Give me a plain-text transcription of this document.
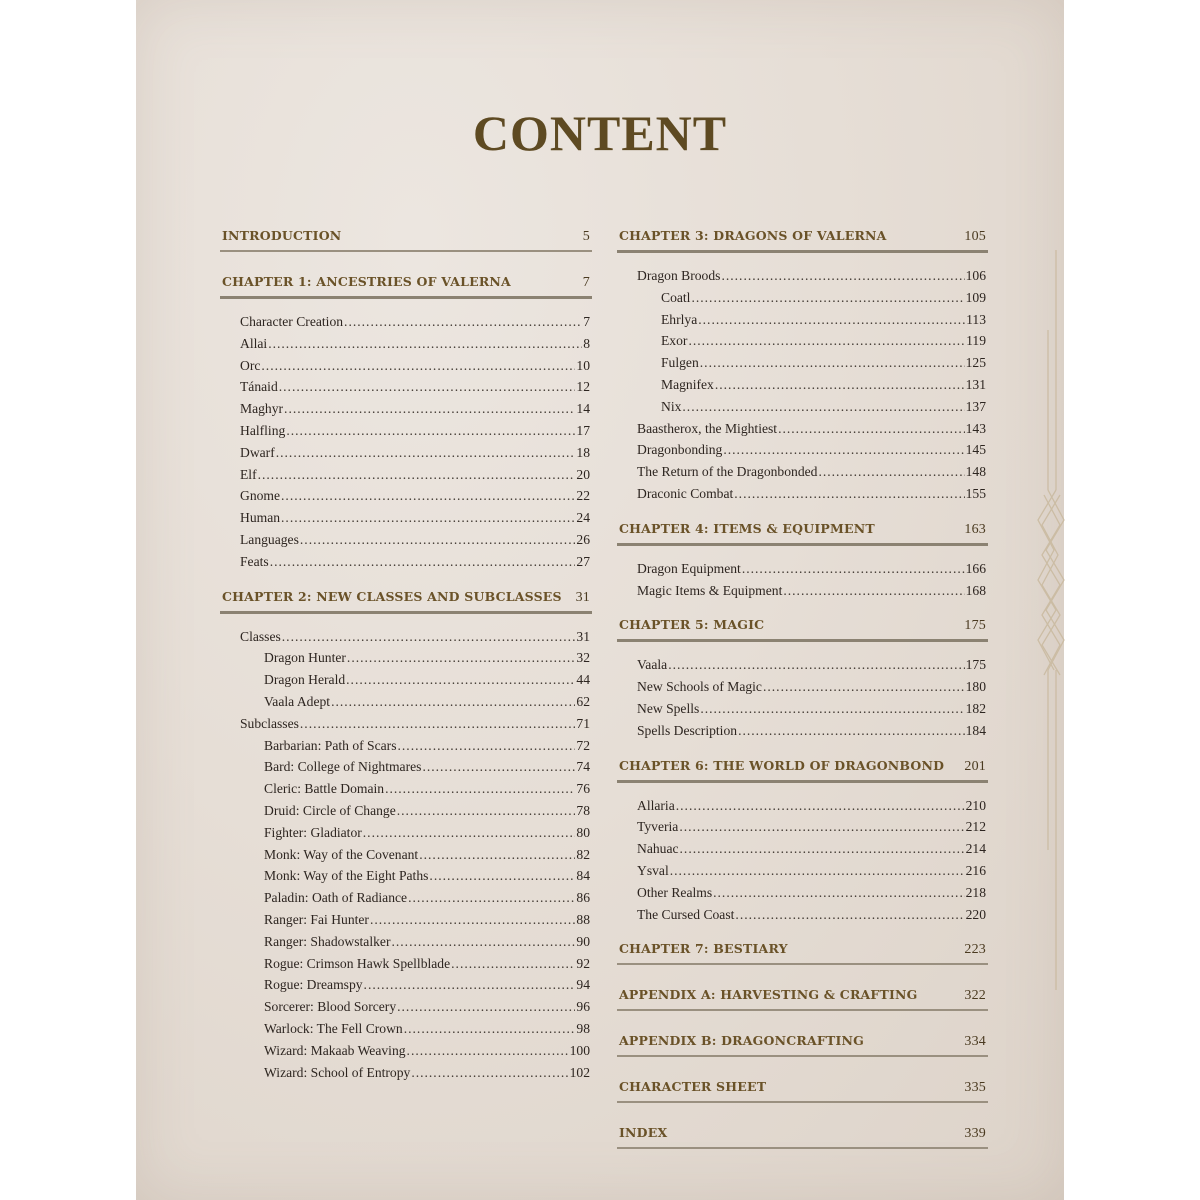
CONTENT
INTRODUCTION	5
CHAPTER 1: ANCESTRIES OF VALERNA	7
Character Creation .....	7
Allai .....	8
Orc .....	10
Tánaid .....	12
Maghyr .....	14
Halfling .....	17
Dwarf .....	18
Elf .....	20
Gnome .....	22
Human .....	24
Languages .....	26
Feats .....	27
CHAPTER 2: NEW CLASSES AND SUBCLASSES 31
Classes .....	31
Dragon Hunter .....	32
Dragon Herald .....	44
Vaala Adept .....	62
Subclasses .....	71
Barbarian: Path of Scars .....	72
Bard: College of Nightmares .....	74
Cleric: Battle Domain .....	76
Druid: Circle of Change .....	78
Fighter: Gladiator .....	80
Monk: Way of the Covenant .....	82
Monk: Way of the Eight Paths .....	84
Paladin: Oath of Radiance .....	86
Ranger: Fai Hunter .....	88
Ranger: Shadowstalker .....	90
Rogue: Crimson Hawk Spellblade .....	92
Rogue: Dreamspy .....	94
Sorcerer: Blood Sorcery .....	96
Warlock: The Fell Crown .....	98
Wizard: Makaab Weaving .....	100
Wizard: School of Entropy .....	102
CHAPTER 3: DRAGONS OF VALERNA	105
Dragon Broods .....	106
Coatl .....	109
Ehrlya .....	113
Exor .....	119
Fulgen .....	125
Magnifex .....	131
Nix .....	137
Baastherox, the Mightiest .....	143
Dragonbonding .....	145
The Return of the Dragonbonded .....	148
Draconic Combat .....	155
CHAPTER 4: ITEMS & EQUIPMENT	163
Dragon Equipment .....	166
Magic Items & Equipment .....	168
CHAPTER 5: MAGIC	175
Vaala .....	175
New Schools of Magic .....	180
New Spells .....	182
Spells Description .....	184
CHAPTER 6: THE WORLD OF DRAGONBOND 201
Allaria .....	210
Tyveria .....	212
Nahuac .....	214
Ysval .....	216
Other Realms .....	218
The Cursed Coast .....	220
CHAPTER 7: BESTIARY	223
APPENDIX A: HARVESTING & CRAFTING	322
APPENDIX B: DRAGONCRAFTING	334
CHARACTER SHEET	335
INDEX	339
